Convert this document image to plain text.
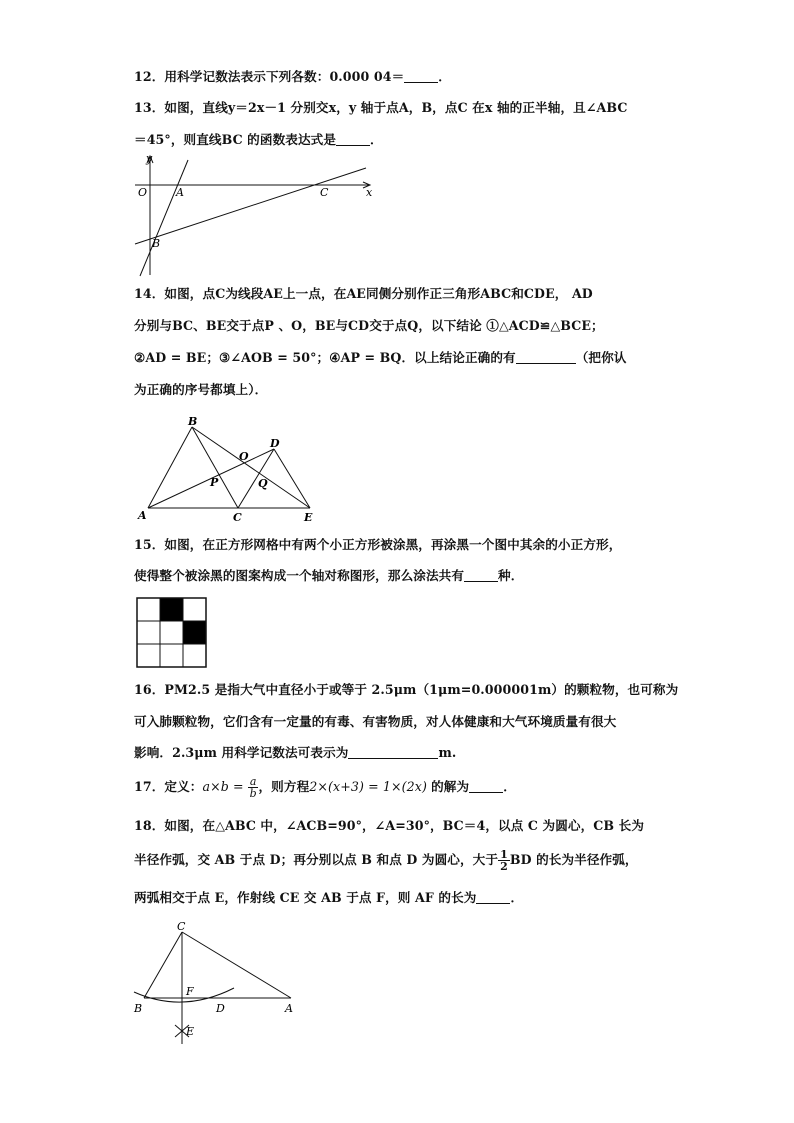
12．用科学记数法表示下列各数：0.000 04＝	．
13．如图，直线y＝2x－1 分别交x，y 轴于点A，B，点C 在x 轴的正半轴，且∠ABC
＝45°，则直线BC 的函数表达式是	．
y
O	A	C	x
B
14．如图，点C为线段AE上一点，在AE同侧分别作正三角形ABC和CDE， AD
分别与BC、BE交于点P 、O，BE与CD交于点Q，以下结论 ①△ACD≌△BCE；
②AD = BE；③∠AOB = 50°；④AP = BQ．以上结论正确的有	（把你认
为正确的序号都填上）．
B
D
O
P	Q
A	C	E
15．如图，在正方形网格中有两个小正方形被涂黑，再涂黑一个图中其余的小正方形，
使得整个被涂黑的图案构成一个轴对称图形，那么涂法共有	种．
16．PM2.5 是指大气中直径小于或等于 2.5μm（1μm=0.000001m）的颗粒物，也可称为
可入肺颗粒物，它们含有一定量的有毒、有害物质，对人体健康和大气环境质量有很大
影响．2.3μm 用科学记数法可表示为	m.
17．定义：$a\times b = \frac{a}{b}$ ，则方程2×(x+3) = 1×(2x) 的解为	．
18．如图，在△ABC 中，∠ACB=90°，∠A=30°，BC＝4，以点 C 为圆心，CB 长为
半径作弧，交 AB 于点 D；再分别以点 B 和点 D 为圆心，大于 $\frac{1}{2}$ BD 的长为半径作弧，
两弧相交于点 E，作射线 CE 交 AB 于点 F，则 AF 的长为	．
C
F
B	D	A
E
